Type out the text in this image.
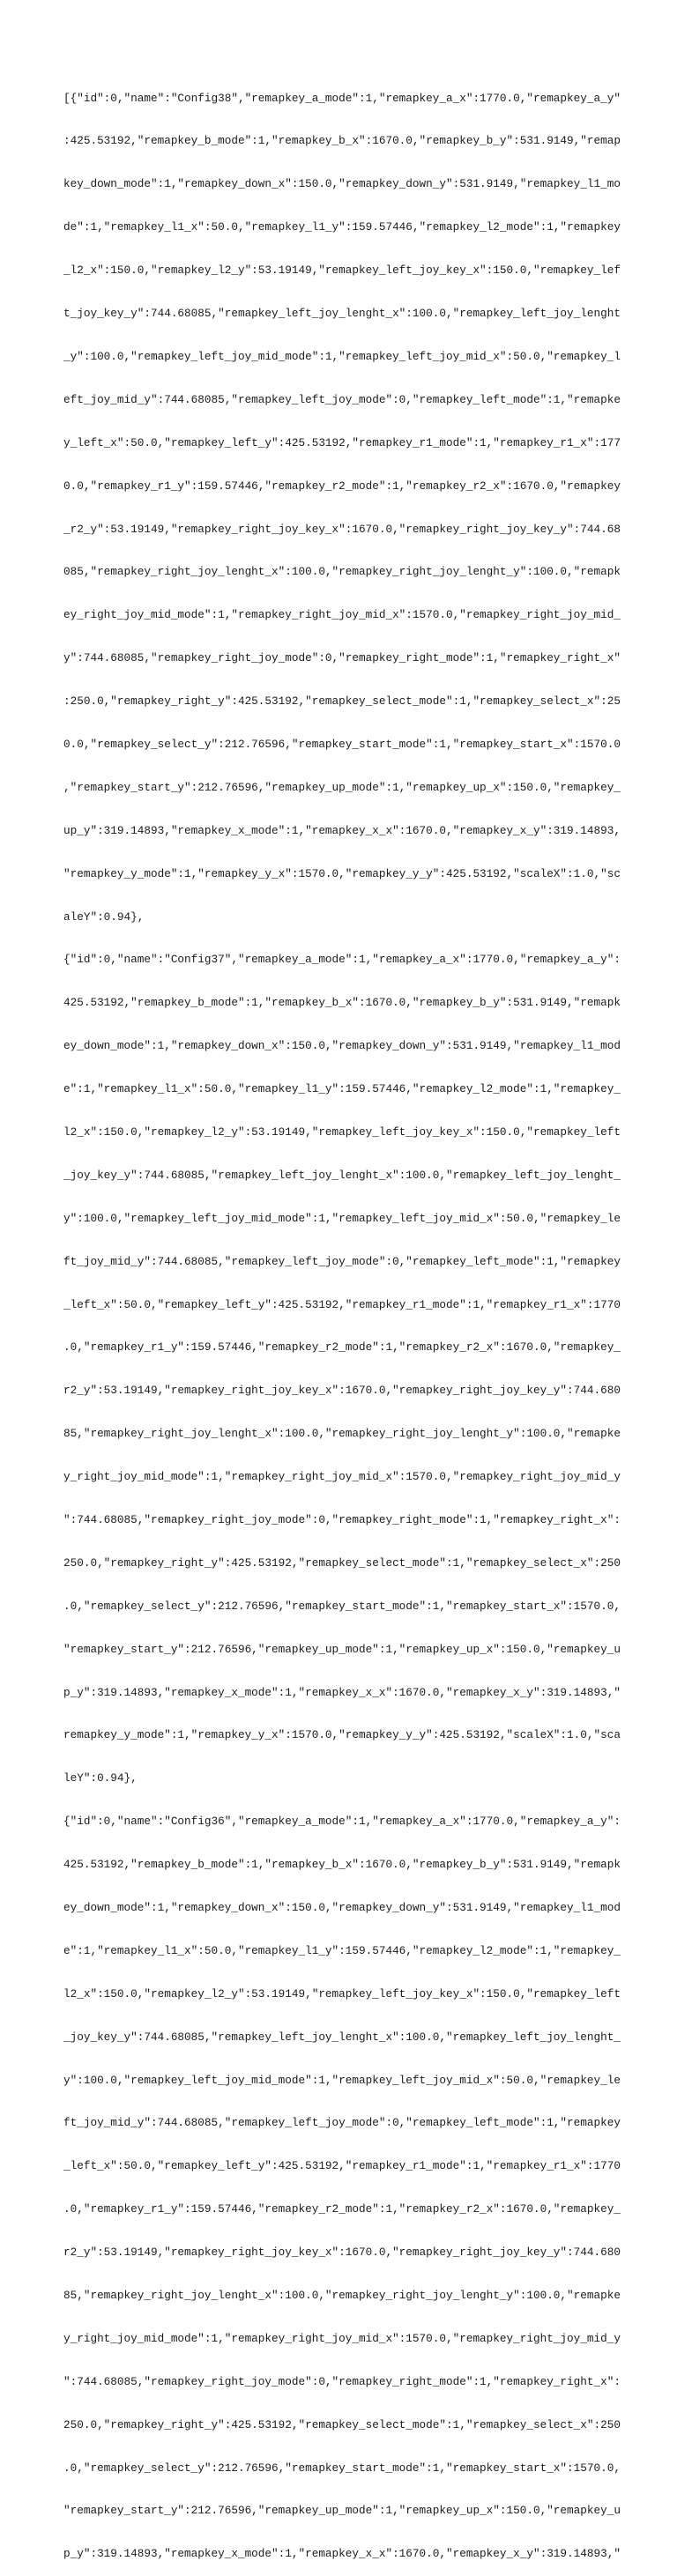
[{"id":0,"name":"Config38","remapkey_a_mode":1,"remapkey_a_x":1770.0,"remapkey_a_y"

:425.53192,"remapkey_b_mode":1,"remapkey_b_x":1670.0,"remapkey_b_y":531.9149,"remap

key_down_mode":1,"remapkey_down_x":150.0,"remapkey_down_y":531.9149,"remapkey_l1_mo

de":1,"remapkey_l1_x":50.0,"remapkey_l1_y":159.57446,"remapkey_l2_mode":1,"remapkey

_l2_x":150.0,"remapkey_l2_y":53.19149,"remapkey_left_joy_key_x":150.0,"remapkey_lef

t_joy_key_y":744.68085,"remapkey_left_joy_lenght_x":100.0,"remapkey_left_joy_lenght

_y":100.0,"remapkey_left_joy_mid_mode":1,"remapkey_left_joy_mid_x":50.0,"remapkey_l

eft_joy_mid_y":744.68085,"remapkey_left_joy_mode":0,"remapkey_left_mode":1,"remapke

y_left_x":50.0,"remapkey_left_y":425.53192,"remapkey_r1_mode":1,"remapkey_r1_x":177

0.0,"remapkey_r1_y":159.57446,"remapkey_r2_mode":1,"remapkey_r2_x":1670.0,"remapkey

_r2_y":53.19149,"remapkey_right_joy_key_x":1670.0,"remapkey_right_joy_key_y":744.68

085,"remapkey_right_joy_lenght_x":100.0,"remapkey_right_joy_lenght_y":100.0,"remapk

ey_right_joy_mid_mode":1,"remapkey_right_joy_mid_x":1570.0,"remapkey_right_joy_mid_

y":744.68085,"remapkey_right_joy_mode":0,"remapkey_right_mode":1,"remapkey_right_x"

:250.0,"remapkey_right_y":425.53192,"remapkey_select_mode":1,"remapkey_select_x":25

0.0,"remapkey_select_y":212.76596,"remapkey_start_mode":1,"remapkey_start_x":1570.0

,"remapkey_start_y":212.76596,"remapkey_up_mode":1,"remapkey_up_x":150.0,"remapkey_

up_y":319.14893,"remapkey_x_mode":1,"remapkey_x_x":1670.0,"remapkey_x_y":319.14893,

"remapkey_y_mode":1,"remapkey_y_x":1570.0,"remapkey_y_y":425.53192,"scaleX":1.0,"sc

aleY":0.94},

{"id":0,"name":"Config37","remapkey_a_mode":1,"remapkey_a_x":1770.0,"remapkey_a_y":

425.53192,"remapkey_b_mode":1,"remapkey_b_x":1670.0,"remapkey_b_y":531.9149,"remapk

ey_down_mode":1,"remapkey_down_x":150.0,"remapkey_down_y":531.9149,"remapkey_l1_mod

e":1,"remapkey_l1_x":50.0,"remapkey_l1_y":159.57446,"remapkey_l2_mode":1,"remapkey_

l2_x":150.0,"remapkey_l2_y":53.19149,"remapkey_left_joy_key_x":150.0,"remapkey_left

_joy_key_y":744.68085,"remapkey_left_joy_lenght_x":100.0,"remapkey_left_joy_lenght_

y":100.0,"remapkey_left_joy_mid_mode":1,"remapkey_left_joy_mid_x":50.0,"remapkey_le

ft_joy_mid_y":744.68085,"remapkey_left_joy_mode":0,"remapkey_left_mode":1,"remapkey

_left_x":50.0,"remapkey_left_y":425.53192,"remapkey_r1_mode":1,"remapkey_r1_x":1770

.0,"remapkey_r1_y":159.57446,"remapkey_r2_mode":1,"remapkey_r2_x":1670.0,"remapkey_

r2_y":53.19149,"remapkey_right_joy_key_x":1670.0,"remapkey_right_joy_key_y":744.680

85,"remapkey_right_joy_lenght_x":100.0,"remapkey_right_joy_lenght_y":100.0,"remapke

y_right_joy_mid_mode":1,"remapkey_right_joy_mid_x":1570.0,"remapkey_right_joy_mid_y

":744.68085,"remapkey_right_joy_mode":0,"remapkey_right_mode":1,"remapkey_right_x":

250.0,"remapkey_right_y":425.53192,"remapkey_select_mode":1,"remapkey_select_x":250

.0,"remapkey_select_y":212.76596,"remapkey_start_mode":1,"remapkey_start_x":1570.0,

"remapkey_start_y":212.76596,"remapkey_up_mode":1,"remapkey_up_x":150.0,"remapkey_u

p_y":319.14893,"remapkey_x_mode":1,"remapkey_x_x":1670.0,"remapkey_x_y":319.14893,"

remapkey_y_mode":1,"remapkey_y_x":1570.0,"remapkey_y_y":425.53192,"scaleX":1.0,"sca

leY":0.94},

{"id":0,"name":"Config36","remapkey_a_mode":1,"remapkey_a_x":1770.0,"remapkey_a_y":

425.53192,"remapkey_b_mode":1,"remapkey_b_x":1670.0,"remapkey_b_y":531.9149,"remapk

ey_down_mode":1,"remapkey_down_x":150.0,"remapkey_down_y":531.9149,"remapkey_l1_mod

e":1,"remapkey_l1_x":50.0,"remapkey_l1_y":159.57446,"remapkey_l2_mode":1,"remapkey_

l2_x":150.0,"remapkey_l2_y":53.19149,"remapkey_left_joy_key_x":150.0,"remapkey_left

_joy_key_y":744.68085,"remapkey_left_joy_lenght_x":100.0,"remapkey_left_joy_lenght_

y":100.0,"remapkey_left_joy_mid_mode":1,"remapkey_left_joy_mid_x":50.0,"remapkey_le

ft_joy_mid_y":744.68085,"remapkey_left_joy_mode":0,"remapkey_left_mode":1,"remapkey

_left_x":50.0,"remapkey_left_y":425.53192,"remapkey_r1_mode":1,"remapkey_r1_x":1770

.0,"remapkey_r1_y":159.57446,"remapkey_r2_mode":1,"remapkey_r2_x":1670.0,"remapkey_

r2_y":53.19149,"remapkey_right_joy_key_x":1670.0,"remapkey_right_joy_key_y":744.680

85,"remapkey_right_joy_lenght_x":100.0,"remapkey_right_joy_lenght_y":100.0,"remapke

y_right_joy_mid_mode":1,"remapkey_right_joy_mid_x":1570.0,"remapkey_right_joy_mid_y

":744.68085,"remapkey_right_joy_mode":0,"remapkey_right_mode":1,"remapkey_right_x":

250.0,"remapkey_right_y":425.53192,"remapkey_select_mode":1,"remapkey_select_x":250

.0,"remapkey_select_y":212.76596,"remapkey_start_mode":1,"remapkey_start_x":1570.0,

"remapkey_start_y":212.76596,"remapkey_up_mode":1,"remapkey_up_x":150.0,"remapkey_u

p_y":319.14893,"remapkey_x_mode":1,"remapkey_x_x":1670.0,"remapkey_x_y":319.14893,"
